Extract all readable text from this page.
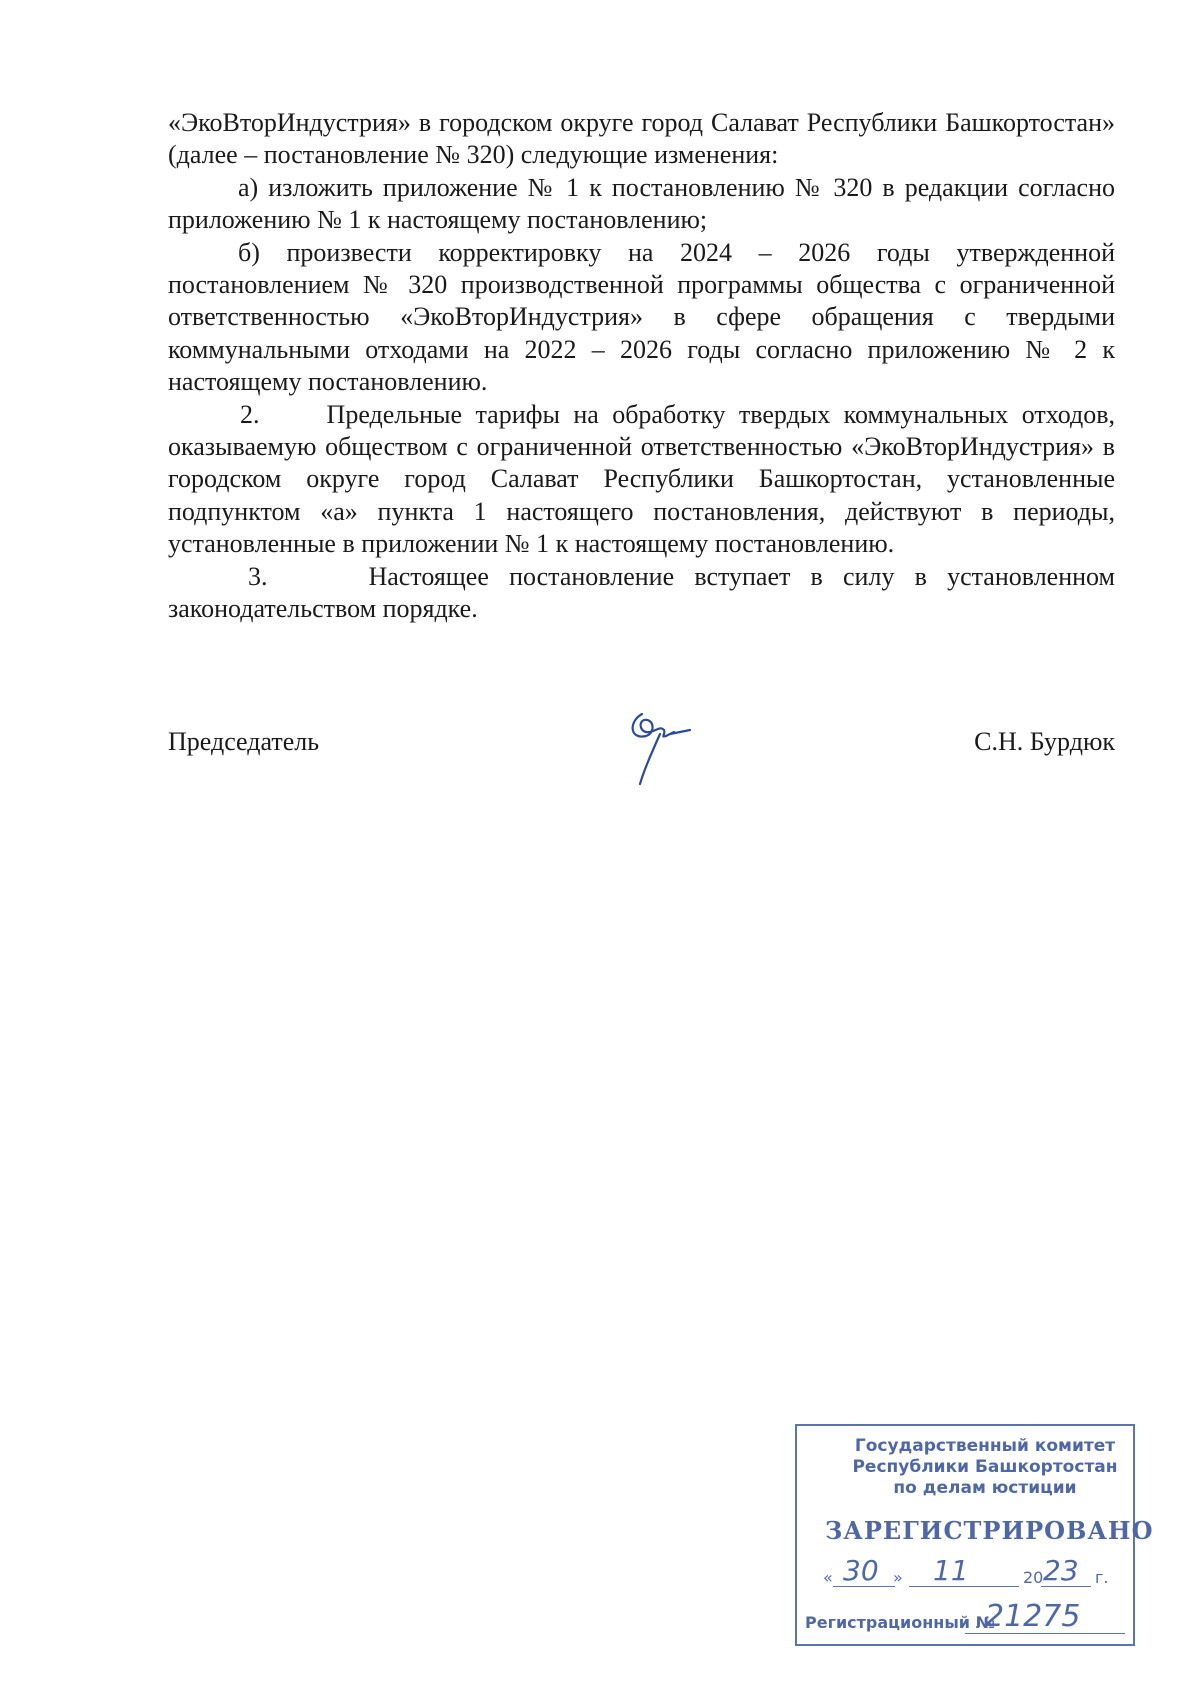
«ЭкоВторИндустрия» в городском округе город Салават Республики Башкортостан» (далее – постановление № 320) следующие изменения:

а) изложить приложение № 1 к постановлению № 320 в редакции согласно приложению № 1 к настоящему постановлению;

б) произвести корректировку на 2024 – 2026 годы утвержденной постановлением № 320 производственной программы общества с ограниченной ответственностью «ЭкоВторИндустрия» в сфере обращения с твердыми коммунальными отходами на 2022 – 2026 годы согласно приложению № 2 к настоящему постановлению.

2.     Предельные тарифы на обработку твердых коммунальных отходов, оказываемую обществом с ограниченной ответственностью «ЭкоВторИндустрия» в городском округе город Салават Республики Башкортостан, установленные подпунктом «а» пункта 1 настоящего постановления, действуют в периоды, установленные в приложении № 1 к настоящему постановлению.

3.     Настоящее постановление вступает в силу в установленном законодательством порядке.

Председатель	С.Н. Бурдюк
Государственный комитет
Республики Башкортостан
по делам юстиции
ЗАРЕГИСТРИРОВАНО
« 30 » 11	20 23 г.
Регистрационный №
21275
